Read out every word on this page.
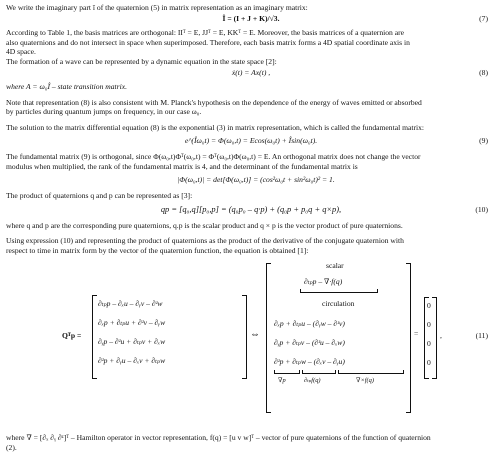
We write the imaginary part î of the quaternion (5) in matrix representation as an imaginary matrix:

Î = (I + J + K)/√3.	(7)

According to Table 1, the basis matrices are orthogonal: IIᵀ = E, JJᵀ = E, KKᵀ = E. Moreover, the basis matrices of a quaternion are

also quaternions and do not intersect in space when superimposed. Therefore, each basis matrix forms a 4D spatial coordinate axis in

4D space.

The formation of a wave can be represented by a dynamic equation in the state space [2]:

ẋ(t) = Ax(t) ,	(8)

where A = ω₀Î – state transition matrix.

Note that representation (8) is also consistent with M. Planck's hypothesis on the dependence of the energy of waves emitted or absorbed

by particles during quantum jumps on frequency, in our case ω₀.

The solution to the matrix differential equation (8) is the exponential (3) in matrix representation, which is called the fundamental matrix:

e^(Îω₀t) = Φ(ω₀,t) = Ecos(ω₀t) + Îsin(ω₀t).	(9)

The fundamental matrix (9) is orthogonal, since Φ(ω₀,t)Φᵀ(ω₀,t) = Φᵀ(ω₀,t)Φ(ω₀,t) = E. An orthogonal matrix does not change the vector

modulus when multiplied, the rank of the fundamental matrix is 4, and the determinant of the fundamental matrix is

|Φ(ω₀,t)| = det[Φ(ω₀,t)] = (cos²ω₀t + sin²ω₀t)² = 1.

The product of quaternions q and p can be represented as [3]:

qp = [q₀,q][p₀,p] = (q₀p₀ – q·p) + (q₀p + p₀q + q×p),	(10)

where q and p are the corresponding pure quaternions, q.p is the scalar product and q × p is the vector product of pure quaternions.

Using expression (10) and representing the product of quaternions as the product of the derivative of the conjugate quaternion with

respect to time in matrix form by the vector of the quaternion function, the equation is obtained [1]:

Qᵀp =
∂ₜₚp – ∂ₓu – ∂ᵧv – ∂ᶻw
∂ₓp + ∂ₜₚu + ∂ᶻv – ∂ᵧw
∂ᵧp – ∂ᶻu + ∂ₜₚv + ∂ₓw
∂ᶻp + ∂ᵧu – ∂ₓv + ∂ₜₚw
⇔
scalar
∂ₜₚp – ∇·f(q)
circulation
∂ₓp + ∂ₜₚu – (∂ᵧw – ∂ᶻv)
∂ᵧp + ∂ₜₚv – (∂ᶻu – ∂ₓw)
∂ᶻp + ∂ₜₚw – (∂ₓv – ∂ᵧu)
∇p	∂ₜₚf(q)	∇×f(q)
=
0
0
0
0
,	(11)

where ∇ = [∂ₓ ∂ᵧ ∂ᶻ]ᵀ – Hamilton operator in vector representation, f(q) = [u v w]ᵀ – vector of pure quaternions of the function of quaternion

(2).
